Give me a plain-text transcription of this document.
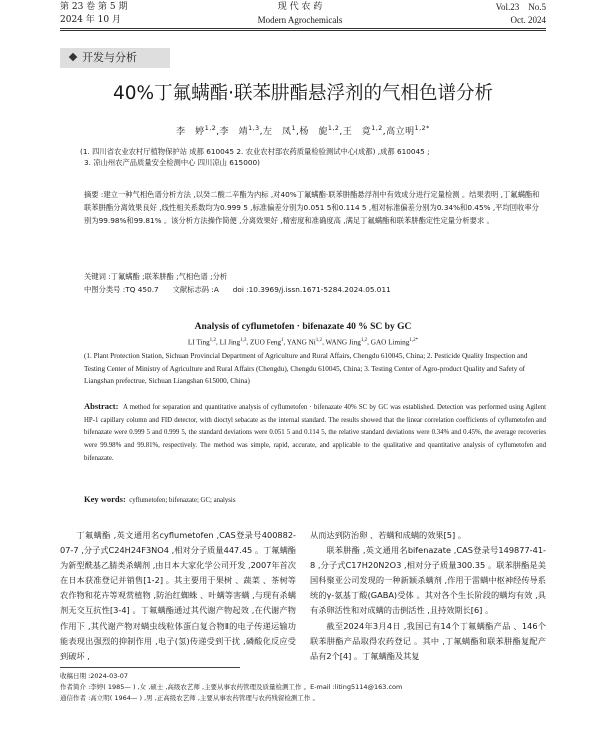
第 23 卷 第 5 期
2024 年 10 月
现 代 农 药
Modern Agrochemicals
Vol.23    No.5
Oct. 2024
开发与分析
40%丁氟螨酯·联苯肼酯悬浮剂的气相色谱分析
李　婷$^{1,2}$,李　靖$^{1,3}$,左　凤$^1$,杨　旎$^{1,2}$,王　竟$^{1,2}$,高立明$^{1,2*}$
(1. 四川省农业农村厅植物保护站 成都 610045 2. 农业农村部农药质量检验测试中心(成都) ,成都 610045 ;
3. 凉山州农产品质量安全检测中心 四川凉山 615000)
摘要 :建立一种气相色谱分析方法 ,以癸二酸二辛酯为内标 ,对40%丁氟螨酯·联苯肼酯悬浮剂中有效成分进行定量检测 。结果表明 ,丁氟螨酯和联苯肼酯分离效果良好 ,线性相关系数均为0.999 5 ,标准偏差分别为0.051 5和0.114 5 ,相对标准偏差分别为0.34%和0.45% ,平均回收率分别为99.98%和99.81% 。该分析方法操作简便 ,分离效果好 ,精密度和准确度高 ,满足丁氟螨酯和联苯肼酯定性定量分析要求 。
关键词 :丁氟螨酯 ;联苯肼酯 ;气相色谱 ;分析
中图分类号 :TQ 450.7      文献标志码 :A      doi :10.3969/j.issn.1671-5284.2024.05.011
Analysis of cyflumetofen · bifenazate 40 % SC by GC
LI Ting$^{1,2}$, LI Jing$^{1,3}$, ZUO Feng$^1$, YANG Ni$^{1,2}$, WANG Jing$^{1,2}$, GAO Liming$^{1,2*}$
(1. Plant Protection Station, Sichuan Provincial Department of Agriculture and Rural Affairs, Chengdu 610045, China; 2. Pesticide Quality Inspection and Testing Center of Ministry of Agriculture and Rural Affairs (Chengdu), Chengdu 610045, China; 3. Testing Center of Agro-product Quality and Safety of Liangshan prefectrue, Sichuan Liangshan 615000, China)
Abstract: A method for separation and quantitative analysis of cyflumetofen · bifenazate 40% SC by GC was established. Detection was performed using Agilent HP-1 capillary column and FID detector, with dioctyl sebacate as the internal standard. The results showed that the linear correlation coefficients of cyflumetofen and bifenazate were 0.999 5 and 0.999 5, the standard deviations were 0.051 5 and 0.114 5, the relative standard deviations were 0.34% and 0.45%, the average recoveries were 99.98% and 99.81%, respectively. The method was simple, rapid, accurate, and applicable to the qualitative and quantitative analysis of cyflumetofen and bifenazate.
Key words: cyflumetofen; bifenazate; GC; analysis

丁氟螨酯 ,英文通用名cyflumetofen ,CAS登录号400882-07-7 ,分子式C24H24F3NO4 ,相对分子质量447.45 。丁氟螨酯为新型酰基乙腈类杀螨剂 ,由日本大家化学公司开发 ,2007年首次在日本获准登记并销售[1-2] 。其主要用于果树 、蔬菜 、茶树等农作物和花卉等观赏植物 ,防治红蜘蛛 、叶螨等害螨 ,与现有杀螨剂无交互抗性[3-4] 。丁氟螨酯通过其代谢产物起效 ,在代谢产物作用下 ,其代谢产物对螨虫线粒体蛋白复合物Ⅱ的电子传递运输功能表现出强烈的抑制作用 ,电子(氢)传递受到干扰 ,磷酸化反应受到破坏 ,

从而达到防治卵 、若螨和成螨的效果[5] 。

联苯肼酯 ,英文通用名bifenazate ,CAS登录号149877-41-8 ,分子式C17H20N2O3 ,相对分子质量300.35 。联苯肼酯是美国科聚亚公司发现的一种新颖杀螨剂 ,作用于雷螨中枢神经传导系统的γ-氨基丁酸(GABA)受体 。其对各个生长阶段的螨均有效 ,具有杀卵活性和对成螨的击倒活性 ,且持效期长[6] 。

截至2024年3月4日 ,我国已有14个丁氟螨酯产品 、146个联苯肼酯产品取得农药登记 。其中 ,丁氟螨酯和联苯肼酯复配产品有2个[4] 。丁氟螨酯及其复

收稿日期 :2024-03-07
作者简介 :李婷( 1985— ) ,女 ,硕士 ,高级农艺师 ,主要从事农药管理及质量检测工作 。E-mail :liting5114@163.com
通信作者 :高立明( 1964— ) ,男 ,正高级农艺师 ,主要从事农药管理与农药残留检测工作 。
